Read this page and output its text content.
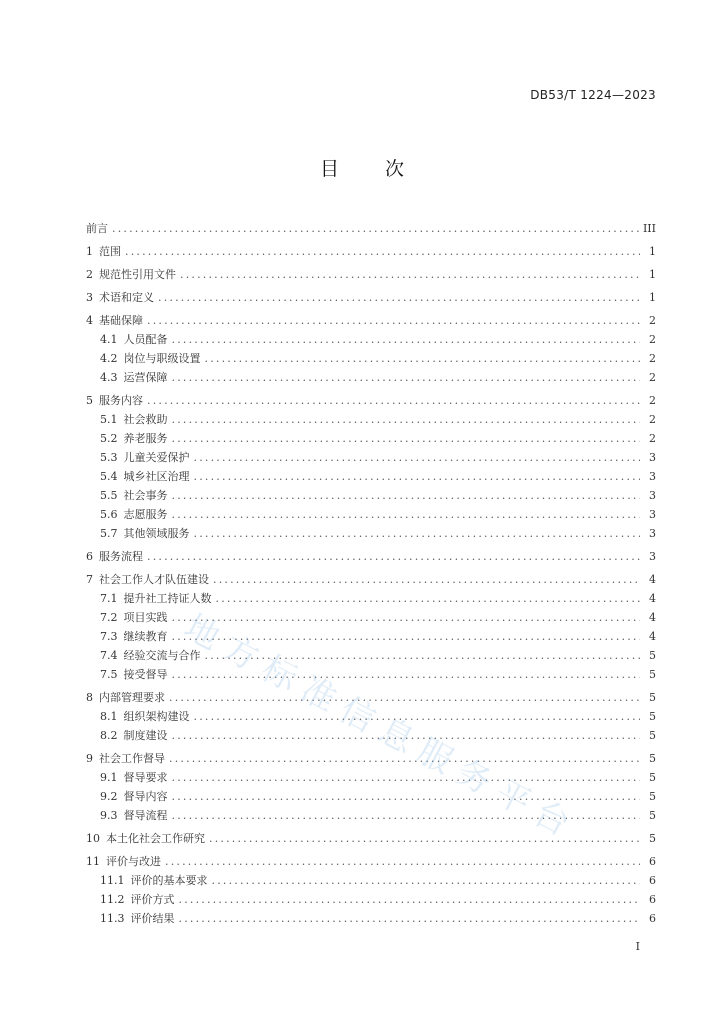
DB53/T 1224—2023
目 次
前言 .....	III
1 范围 .....	1
2 规范性引用文件 .....	1
3 术语和定义 .....	1
4 基础保障 .....	2
4.1 人员配备 .....	2
4.2 岗位与职级设置 .....	2
4.3 运营保障 .....	2
5 服务内容 .....	2
5.1 社会救助 .....	2
5.2 养老服务 .....	2
5.3 儿童关爱保护 .....	3
5.4 城乡社区治理 .....	3
5.5 社会事务 .....	3
5.6 志愿服务 .....	3
5.7 其他领域服务 .....	3
6 服务流程 .....	3
7 社会工作人才队伍建设 .....	4
7.1 提升社工持证人数 .....	4
7.2 项目实践 .....	4
7.3 继续教育 .....	4
7.4 经验交流与合作 .....	5
7.5 接受督导 .....	5
8 内部管理要求 .....	5
8.1 组织架构建设 .....	5
8.2 制度建设 .....	5
9 社会工作督导 .....	5
9.1 督导要求 .....	5
9.2 督导内容 .....	5
9.3 督导流程 .....	5
10 本土化社会工作研究 .....	5
11 评价与改进 .....	6
11.1 评价的基本要求 .....	6
11.2 评价方式 .....	6
11.3 评价结果 .....	6
地方标准信息服务平台
I
